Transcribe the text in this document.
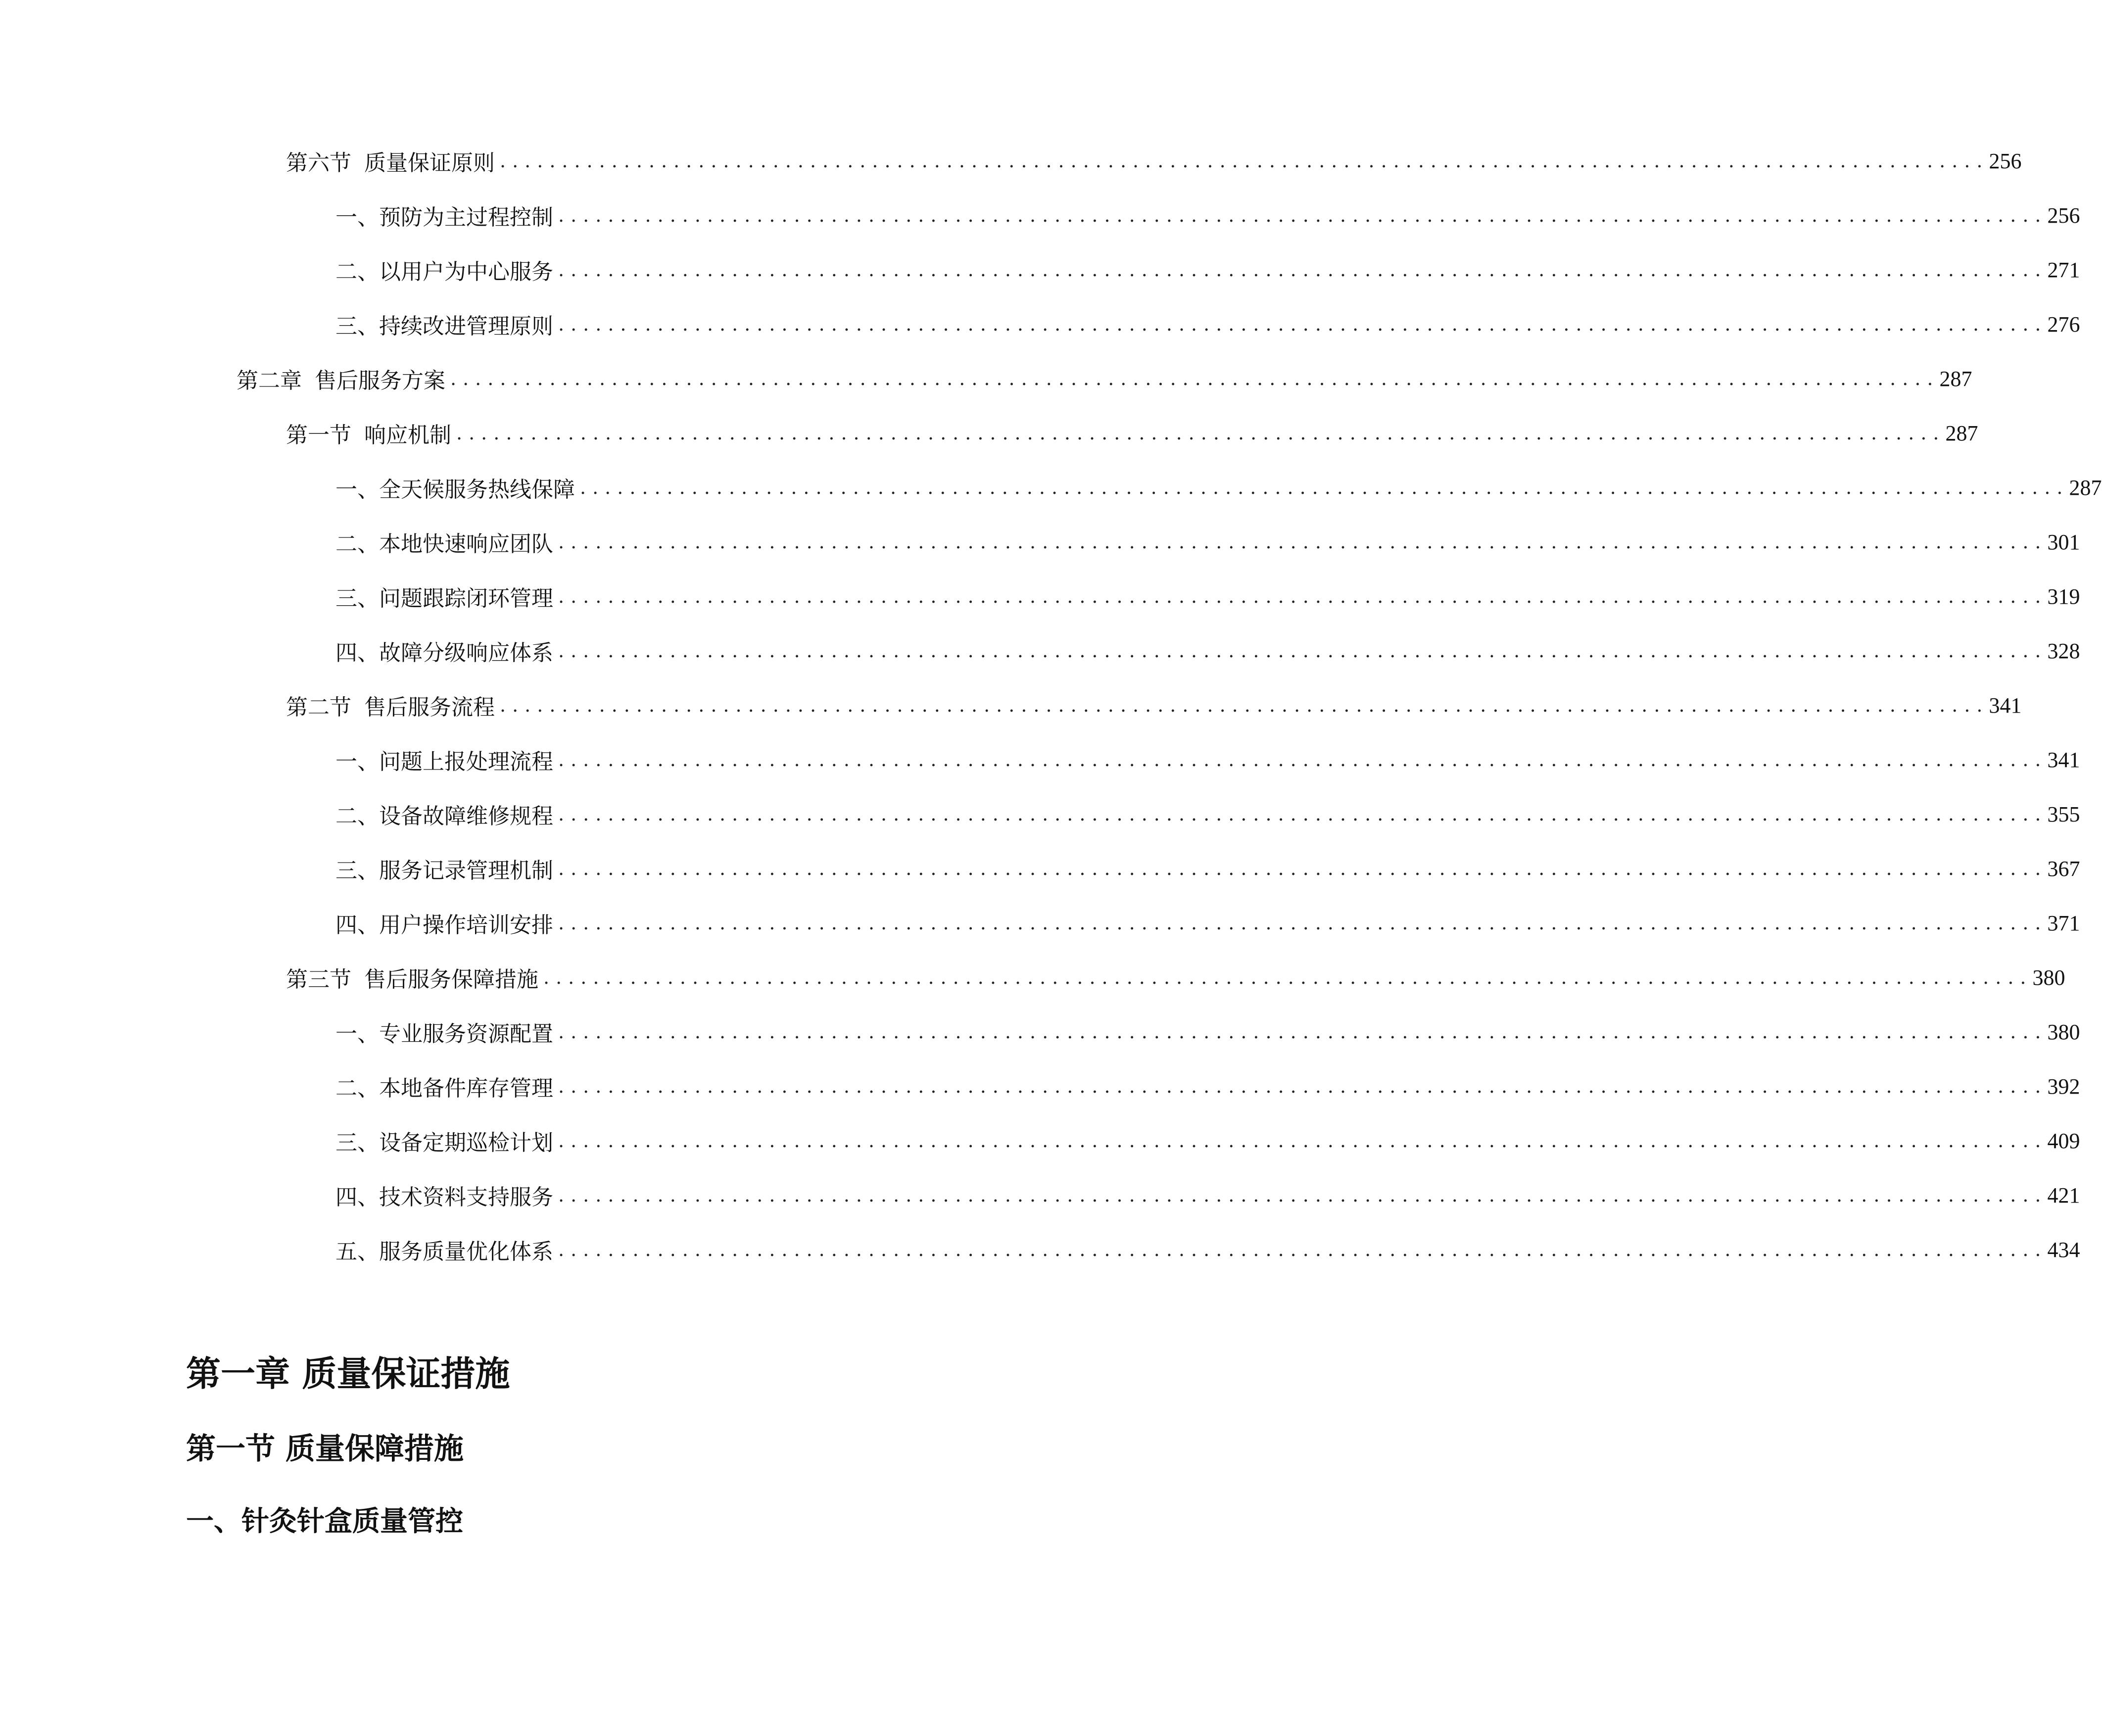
第六节 质量保证原则 ........................................................................................................................ 256
一、 预防为主过程控制 ........................................................................................................................ 256
二、 以用户为中心服务 ........................................................................................................................ 271
三、 持续改进管理原则 ........................................................................................................................ 276
第二章 售后服务方案 ........................................................................................................................ 287
第一节 响应机制 ........................................................................................................................ 287
一、 全天候服务热线保障 ........................................................................................................................ 287
二、 本地快速响应团队 ........................................................................................................................ 301
三、 问题跟踪闭环管理 ........................................................................................................................ 319
四、 故障分级响应体系 ........................................................................................................................ 328
第二节 售后服务流程 ........................................................................................................................ 341
一、 问题上报处理流程 ........................................................................................................................ 341
二、 设备故障维修规程 ........................................................................................................................ 355
三、 服务记录管理机制 ........................................................................................................................ 367
四、 用户操作培训安排 ........................................................................................................................ 371
第三节 售后服务保障措施 ........................................................................................................................ 380
一、 专业服务资源配置 ........................................................................................................................ 380
二、 本地备件库存管理 ........................................................................................................................ 392
三、 设备定期巡检计划 ........................................................................................................................ 409
四、 技术资料支持服务 ........................................................................................................................ 421
五、 服务质量优化体系 ........................................................................................................................ 434
第一章 质量保证措施
第一节 质量保障措施
一、针灸针盒质量管控
